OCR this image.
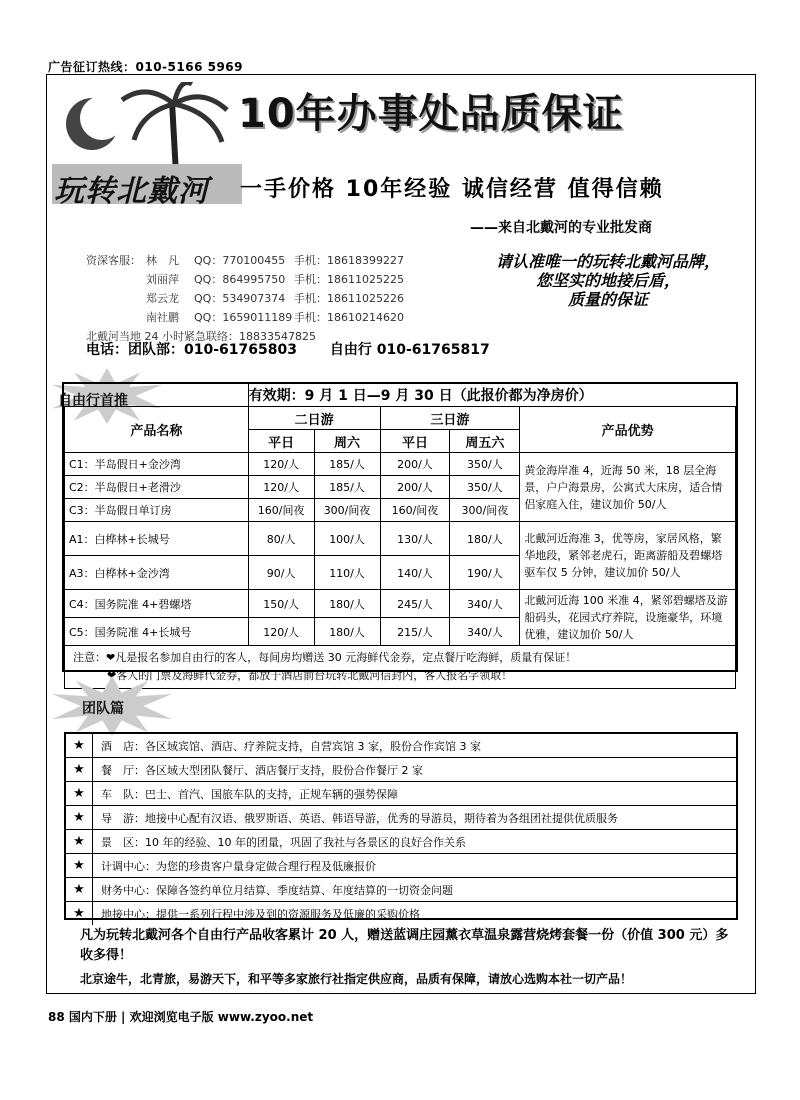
广告征订热线：010-5166 5969
玩转北戴河
10年办事处品质保证
一手价格 10年经验 诚信经营 值得信赖
——来自北戴河的专业批发商
资深客服： 林　凡 QQ：770100455 手机：18618399227
刘丽萍 QQ：864995750 手机：18611025225
郑云龙 QQ：534907374 手机：18611025226
南社鹏 QQ：1659011189 手机：18610214620
北戴河当地 24 小时紧急联络：18833547825
请认准唯一的玩转北戴河品牌，
您坚实的地接后盾，
质量的保证
电话：团队部：010-61765803 自由行 010-61765817
自由行首推
		有效期：9 月 1 日—9 月 30 日（此报价都为净房价）				
产品名称	二日游		三日游		产品优势
	平日	周六	平日	周五六	
C1：半岛假日+金沙湾	120/人	185/人	200/人	350/人	黄金海岸准 4，近海 50 米，18 层全海景，户户海景房，公寓式大床房，适合情侣家庭入住，建议加价 50/人
C2：半岛假日+老滑沙	120/人	185/人	200/人	350/人	
C3：半岛假日单订房	160/间夜	300/间夜	160/间夜	300/间夜	
A1：白桦林+长城号	80/人	100/人	130/人	180/人	北戴河近海准 3，优等房，家居风格，繁华地段，紧邻老虎石，距离游船及碧螺塔驱车仅 5 分钟，建议加价 50/人
A3：白桦林+金沙湾	90/人	110/人	140/人	190/人	
C4：国务院准 4+碧螺塔	150/人	180/人	245/人	340/人	北戴河近海 100 米准 4，紧邻碧螺塔及游船码头，花园式疗养院，设施豪华，环境优雅，建议加价 50/人
C5：国务院准 4+长城号	120/人	180/人	215/人	340/人	

注意：❤凡是报名参加自由行的客人，每间房均赠送 30 元海鲜代金券，定点餐厅吃海鲜，质量有保证！
❤客人的门票及海鲜代金券，都放于酒店前台玩转北戴河信封内，客人报名字领取！					
团队篇
★	酒　店：各区域宾馆、酒店、疗养院支持，自营宾馆 3 家，股份合作宾馆 3 家
★	餐　厅：各区域大型团队餐厅、酒店餐厅支持，股份合作餐厅 2 家
★	车　队：巴士、首汽、国旅车队的支持，正规车辆的强势保障
★	导　游：地接中心配有汉语、俄罗斯语、英语、韩语导游，优秀的导游员，期待着为各组团社提供优质服务
★	景　区：10 年的经验、10 年的团量，巩固了我社与各景区的良好合作关系
★	计调中心：为您的珍贵客户量身定做合理行程及低廉报价
★	财务中心：保障各签约单位月结算、季度结算、年度结算的一切资金问题
★	地接中心：提供一系列行程中涉及到的资源服务及低廉的采购价格
凡为玩转北戴河各个自由行产品收客累计 20 人，赠送蓝调庄园薰衣草温泉露营烧烤套餐一份（价值 300 元）多收多得！
北京途牛，北青旅，易游天下，和平等多家旅行社指定供应商，品质有保障，请放心选购本社一切产品！
88 国内下册 | 欢迎浏览电子版 www.zyoo.net
